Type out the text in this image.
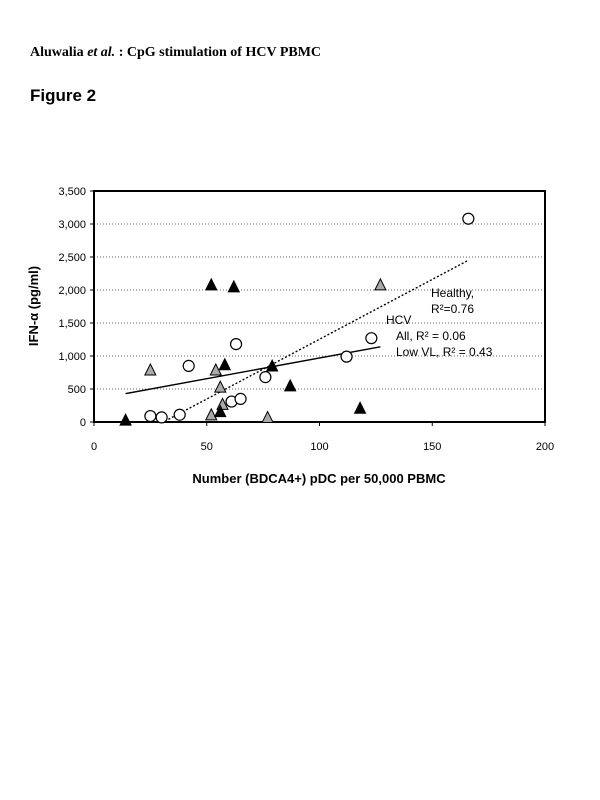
Aluwalia et al. : CpG stimulation of HCV PBMC
Figure 2
0
500
1,000
1,500
2,000
2,500
3,000
3,500
0	50	100	150	200
Healthy,
R²=0.76
HCV
All, R² = 0.06
Low VL, R² = 0.43
Number (BDCA4+) pDC per 50,000 PBMC
IFN-α (pg/ml)
